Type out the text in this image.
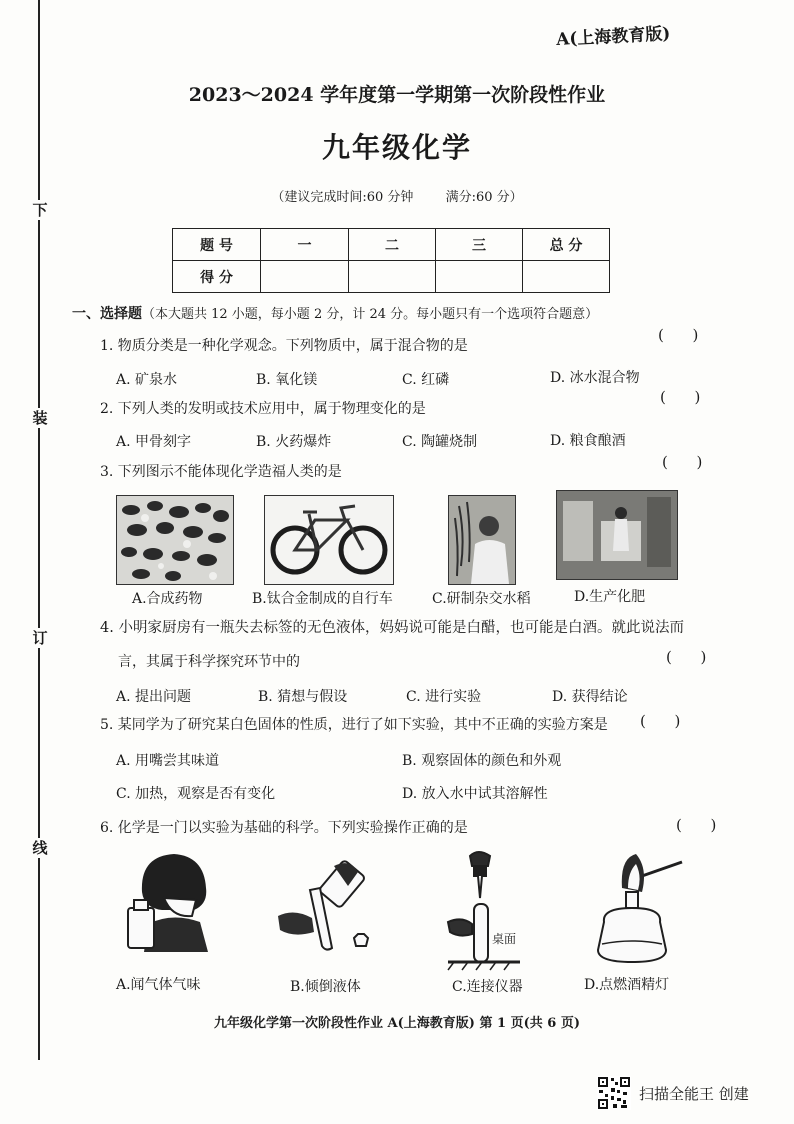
下
装
订
线
A(上海教育版)
2023～2024 学年度第一学期第一次阶段性作业
九年级化学
（建议完成时间:60 分钟 满分:60 分）
题 号	一	二	三	总 分
得 分				
一、选择题（本大题共 12 小题，每小题 2 分，计 24 分。每小题只有一个选项符合题意）
1. 物质分类是一种化学观念。下列物质中，属于混合物的是
(      )
A. 矿泉水	B. 氧化镁	C. 红磷	D. 冰水混合物
2. 下列人类的发明或技术应用中，属于物理变化的是
(      )
A. 甲骨刻字	B. 火药爆炸	C. 陶罐烧制	D. 粮食酿酒
3. 下列图示不能体现化学造福人类的是
(      )
A.合成药物	B.钛合金制成的自行车	C.研制杂交水稻	D.生产化肥
4. 小明家厨房有一瓶失去标签的无色液体，妈妈说可能是白醋，也可能是白酒。就此说法而
言，其属于科学探究环节中的	(      )
A. 提出问题	B. 猜想与假设	C. 进行实验	D. 获得结论
5. 某同学为了研究某白色固体的性质，进行了如下实验，其中不正确的实验方案是 (      )
A. 用嘴尝其味道	B. 观察固体的颜色和外观
C. 加热，观察是否有变化	D. 放入水中试其溶解性
6. 化学是一门以实验为基础的科学。下列实验操作正确的是	(      )
桌面
A.闻气体气味	B.倾倒液体	C.连接仪器	D.点燃酒精灯
九年级化学第一次阶段性作业 A(上海教育版) 第 1 页(共 6 页)
扫描全能王 创建
